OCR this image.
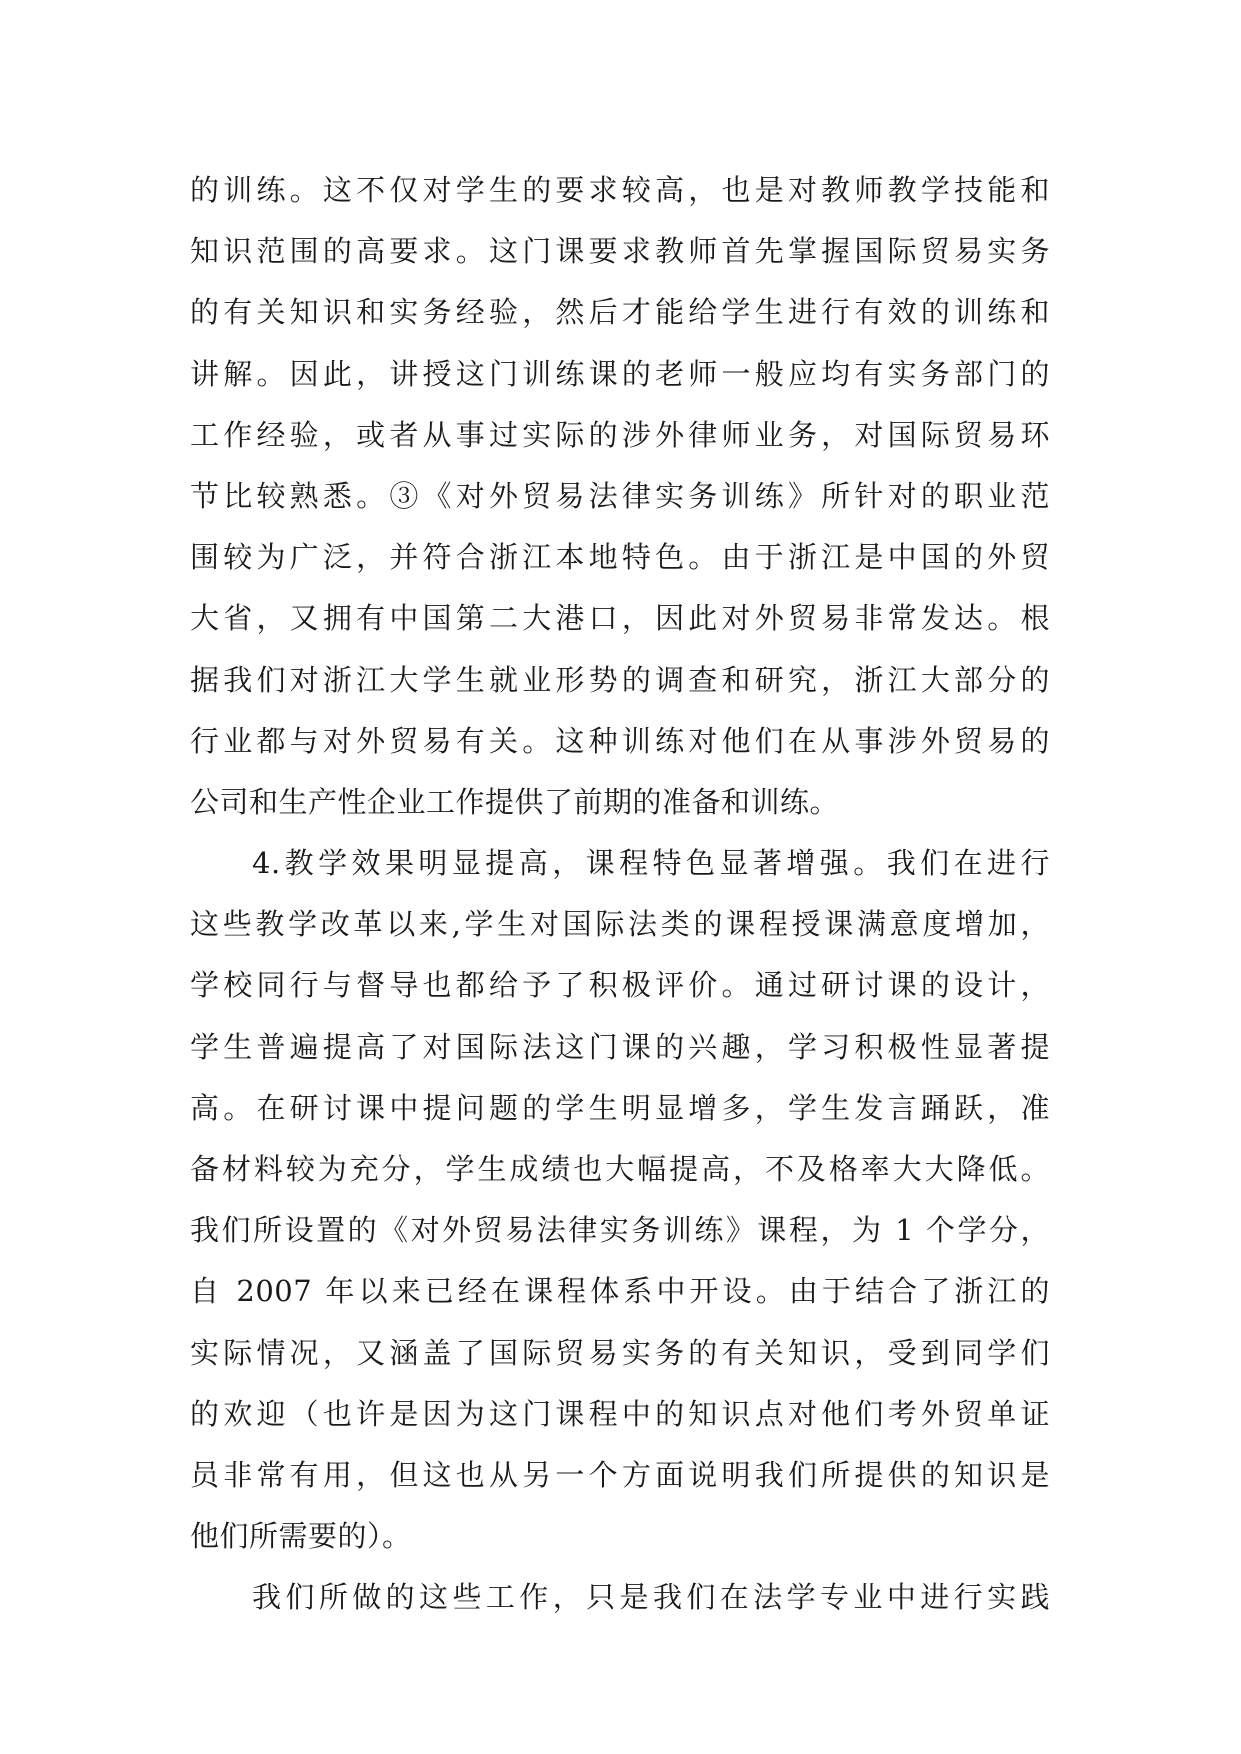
的训练。这不仅对学生的要求较高，也是对教师教学技能和
知识范围的高要求。这门课要求教师首先掌握国际贸易实务
的有关知识和实务经验，然后才能给学生进行有效的训练和
讲解。因此，讲授这门训练课的老师一般应均有实务部门的
工作经验，或者从事过实际的涉外律师业务，对国际贸易环
节比较熟悉。③《对外贸易法律实务训练》所针对的职业范
围较为广泛，并符合浙江本地特色。由于浙江是中国的外贸
大省，又拥有中国第二大港口，因此对外贸易非常发达。根
据我们对浙江大学生就业形势的调查和研究，浙江大部分的
行业都与对外贸易有关。这种训练对他们在从事涉外贸易的
公司和生产性企业工作提供了前期的准备和训练。
4.教学效果明显提高，课程特色显著增强。我们在进行
这些教学改革以来,学生对国际法类的课程授课满意度增加，
学校同行与督导也都给予了积极评价。通过研讨课的设计，
学生普遍提高了对国际法这门课的兴趣，学习积极性显著提
高。在研讨课中提问题的学生明显增多，学生发言踊跃，准
备材料较为充分，学生成绩也大幅提高，不及格率大大降低。
我们所设置的《对外贸易法律实务训练》课程，为 1 个学分，
自 2007 年以来已经在课程体系中开设。由于结合了浙江的
实际情况，又涵盖了国际贸易实务的有关知识，受到同学们
的欢迎（也许是因为这门课程中的知识点对他们考外贸单证
员非常有用，但这也从另一个方面说明我们所提供的知识是
他们所需要的）。
我们所做的这些工作，只是我们在法学专业中进行实践
